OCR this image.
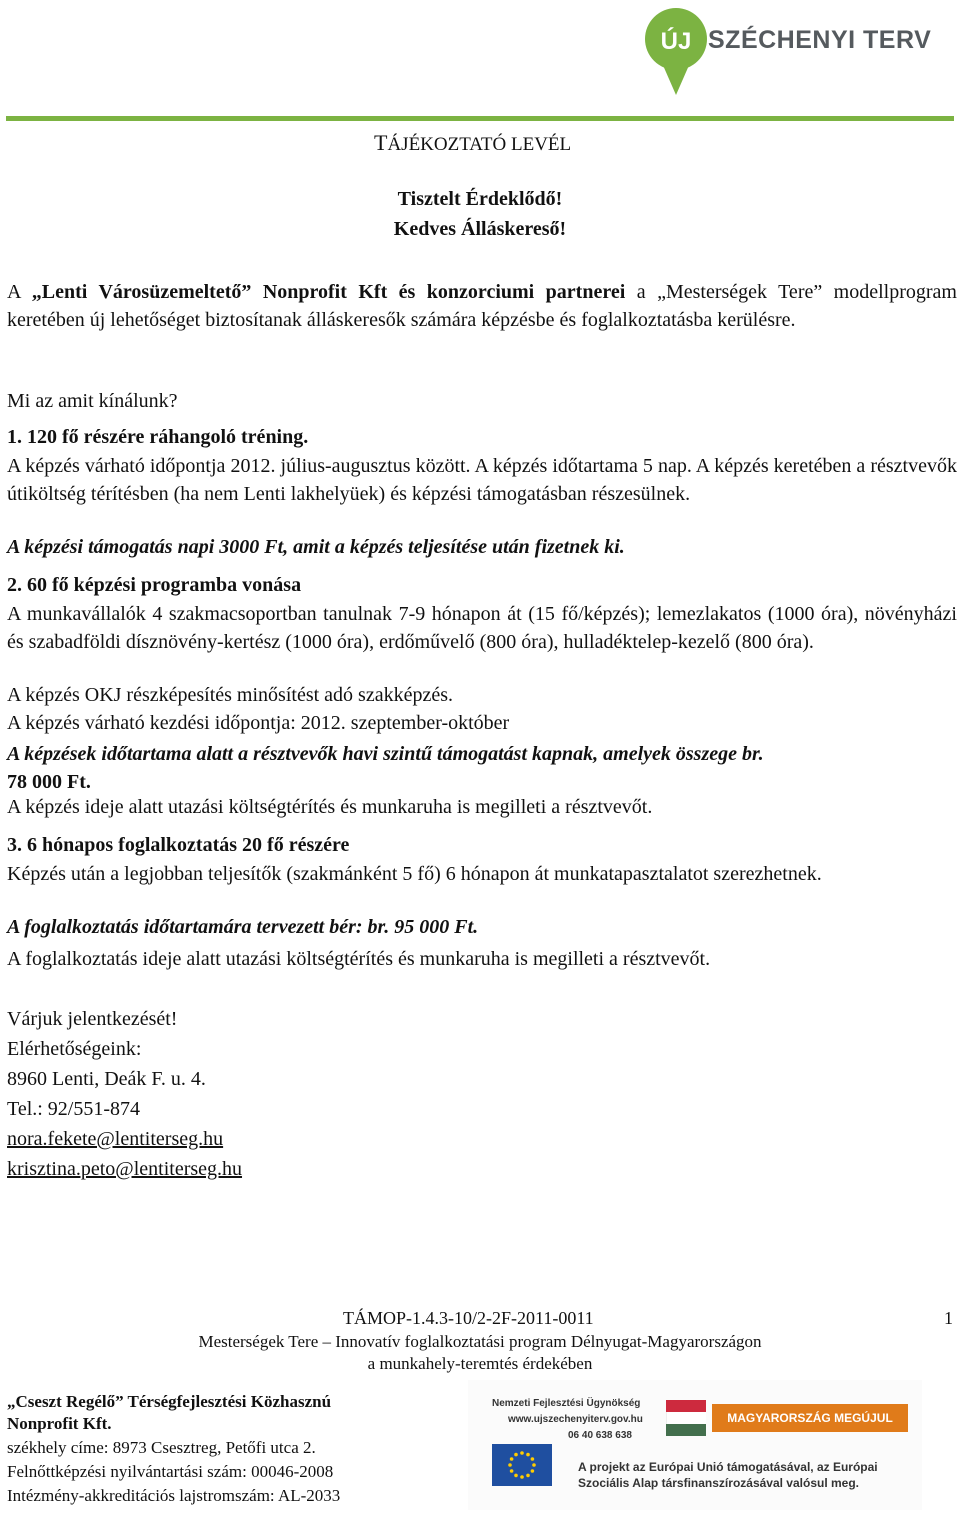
ÚJ SZÉCHENYI TERV
TÁJÉKOZTATÓ LEVÉL
Tisztelt Érdeklődő!
Kedves Álláskereső!
A „Lenti Városüzemeltető” Nonprofit Kft és konzorciumi partnerei a „Mesterségek Tere” modellprogram keretében új lehetőséget biztosítanak álláskeresők számára képzésbe és foglalkoztatásba kerülésre.
Mi az amit kínálunk?
1. 120 fő részére ráhangoló tréning.
A képzés várható időpontja 2012. július-augusztus között. A képzés időtartama 5 nap. A képzés keretében a résztvevők útiköltség térítésben (ha nem Lenti lakhelyüek) és képzési támogatásban részesülnek.
A képzési támogatás napi 3000 Ft, amit a képzés teljesítése után fizetnek ki.
2. 60 fő képzési programba vonása
A munkavállalók 4 szakmacsoportban tanulnak 7-9 hónapon át (15 fő/képzés); lemezlakatos (1000 óra), növényházi és szabadföldi dísznövény-kertész (1000 óra), erdőművelő (800 óra), hulladéktelep-kezelő (800 óra).
A képzés OKJ részképesítés minősítést adó szakképzés.
A képzés várható kezdési időpontja: 2012. szeptember-október
A képzések időtartama alatt a résztvevők havi szintű támogatást kapnak, amelyek összege br.
78 000 Ft.
A képzés ideje alatt utazási költségtérítés és munkaruha is megilleti a résztvevőt.
3. 6 hónapos foglalkoztatás 20 fő részére
Képzés után a legjobban teljesítők (szakmánként 5 fő) 6 hónapon át munkatapasztalatot szerezhetnek.
A foglalkoztatás időtartamára tervezett bér: br. 95 000 Ft.
A foglalkoztatás ideje alatt utazási költségtérítés és munkaruha is megilleti a résztvevőt.
Várjuk jelentkezését!
Elérhetőségeink:
8960 Lenti, Deák F. u. 4.
Tel.: 92/551-874
nora.fekete@lentiterseg.hu
krisztina.peto@lentiterseg.hu
TÁMOP-1.4.3-10/2-2F-2011-0011	1
Mesterségek Tere – Innovatív foglalkoztatási program Délnyugat-Magyarországon
a munkahely-teremtés érdekében
„Cseszt Regélő” Térségfejlesztési Közhasznú
Nonprofit Kft.
székhely címe: 8973 Csesztreg, Petőfi utca 2.
Felnőttképzési nyilvántartási szám: 00046-2008
Intézmény-akkreditációs lajstromszám: AL-2033
Nemzeti Fejlesztési Ügynökség
www.ujszechenyiterv.gov.hu
06 40 638 638
MAGYARORSZÁG MEGÚJUL
A projekt az Európai Unió támogatásával, az Európai
Szociális Alap társfinanszírozásával valósul meg.
